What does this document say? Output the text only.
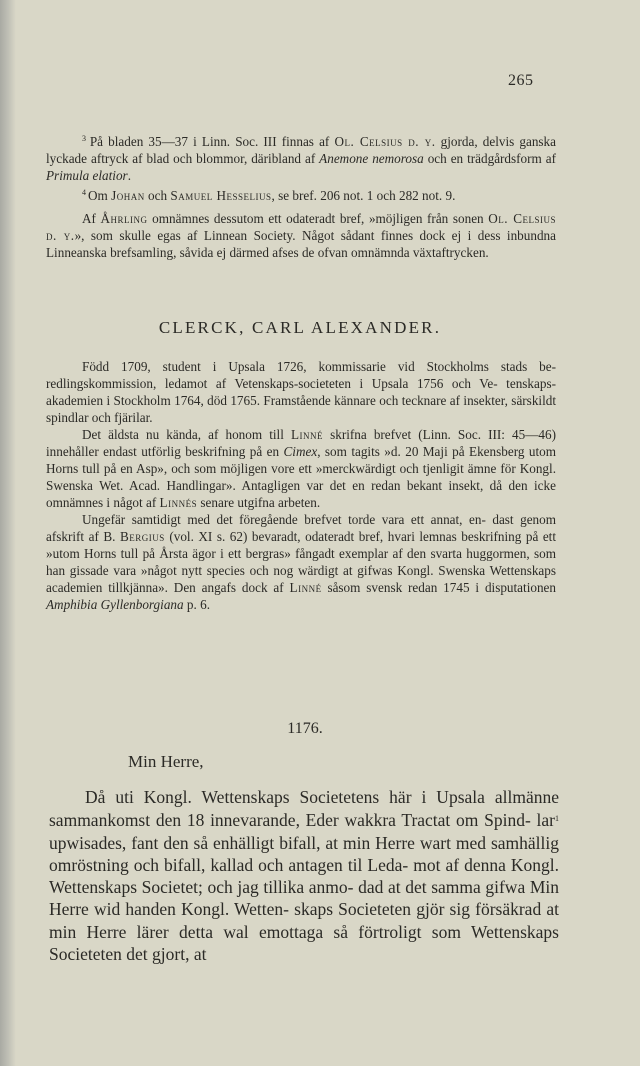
265

$^3$ På bladen 35—37 i Linn. Soc. III finnas af Ol. Celsius d. y. gjorda, delvis ganska lyckade aftryck af blad och blommor, däribland af Anemone nemorosa och en trädgårdsform af Primula elatior.

$^4$ Om Johan och Samuel Hesselius, se bref. 206 not. 1 och 282 not. 9.

Af Åhrling omnämnes dessutom ett odateradt bref, »möjligen från sonen Ol. Celsius d. y.», som skulle egas af Linnean Society. Något sådant finnes dock ej i dess inbundna Linneanska brefsamling, såvida ej därmed afses de ofvan omnämnda växtaftrycken.

CLERCK, CARL ALEXANDER.

Född 1709, student i Upsala 1726, kommissarie vid Stockholms stads be- redlingskommission, ledamot af Vetenskaps-societeten i Upsala 1756 och Ve- tenskaps-akademien i Stockholm 1764, död 1765. Framstående kännare och tecknare af insekter, särskildt spindlar och fjärilar.

Det äldsta nu kända, af honom till Linné skrifna brefvet (Linn. Soc. III: 45—46) innehåller endast utförlig beskrifning på en Cimex, som tagits »d. 20 Maji på Ekensberg utom Horns tull på en Asp», och som möjligen vore ett »merckwärdigt och tjenligit ämne för Kongl. Swenska Wet. Acad. Handlingar». Antagligen var det en redan bekant insekt, då den icke omnämnes i något af Linnés senare utgifna arbeten.

Ungefär samtidigt med det föregående brefvet torde vara ett annat, en- dast genom afskrift af B. Bergius (vol. XI s. 62) bevaradt, odateradt bref, hvari lemnas beskrifning på ett »utom Horns tull på Årsta ägor i ett bergras» fångadt exemplar af den svarta huggormen, som han gissade vara »något nytt species och nog wärdigt at gifwas Kongl. Swenska Wettenskaps academien tillkjänna». Den angafs dock af Linné såsom svensk redan 1745 i disputationen Amphibia Gyllenborgiana p. 6.

1176.
Min Herre,

Då uti Kongl. Wettenskaps Societetens här i Upsala allmänne sammankomst den 18 innevarande, Eder wakkra Tractat om Spind- lar$^1$ upwisades, fant den så enhälligt bifall, at min Herre wart med samhällig omröstning och bifall, kallad och antagen til Leda- mot af denna Kongl. Wettenskaps Societet; och jag tillika anmo- dad at det samma gifwa Min Herre wid handen Kongl. Wetten- skaps Societeten gjör sig försäkrad at min Herre lärer detta wal emottaga så förtroligt som Wettenskaps Societeten det gjort, at
